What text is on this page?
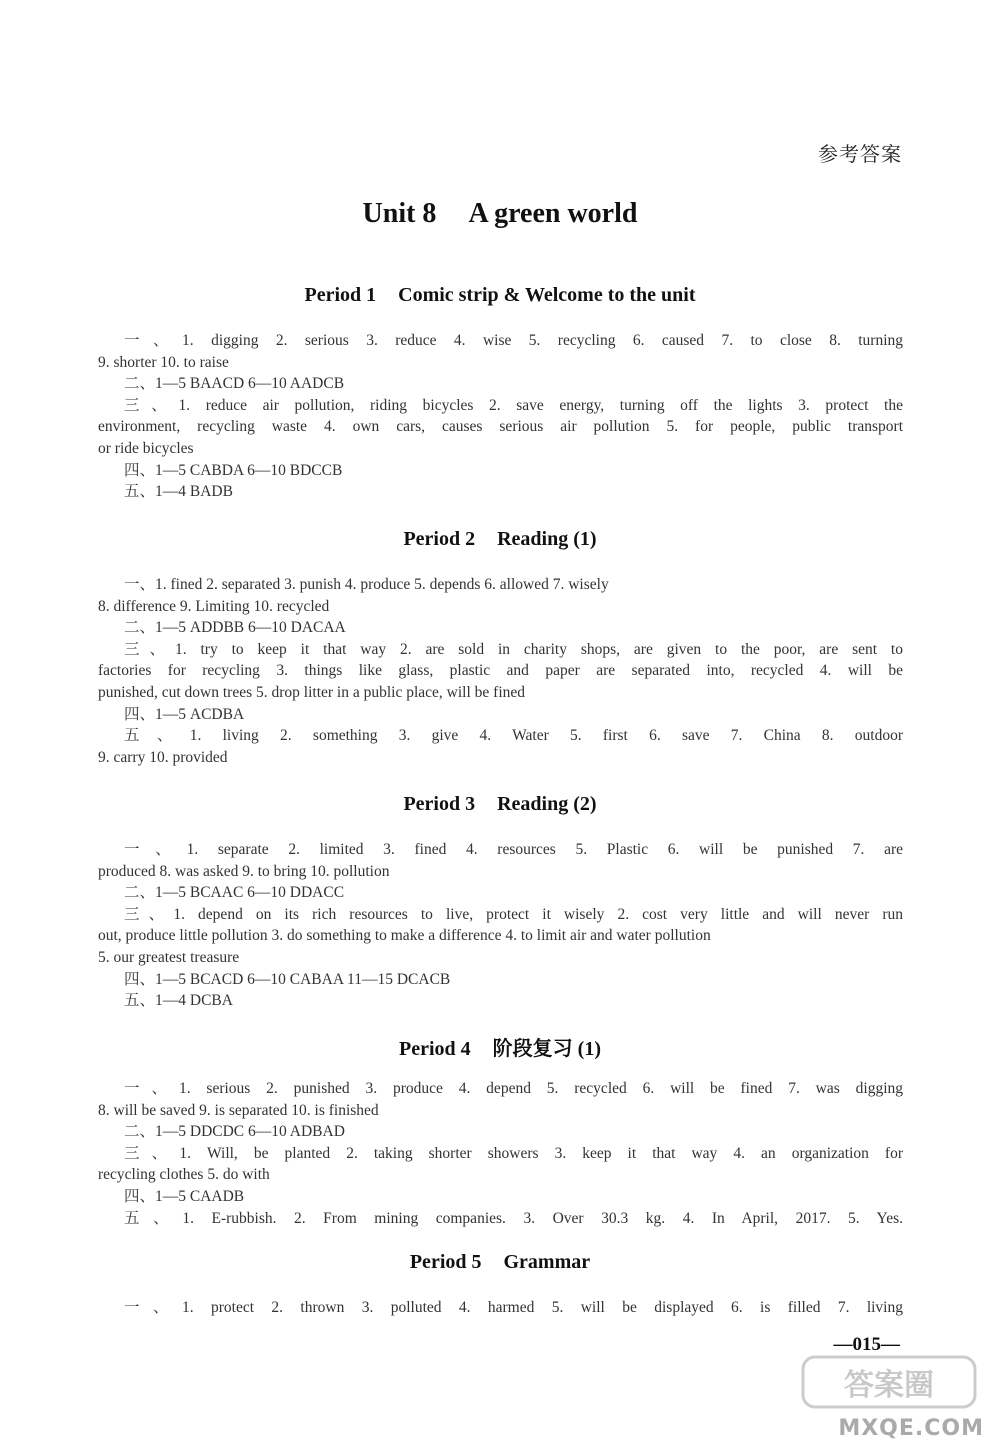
参考答案
Unit 8 A green world
Period 1 Comic strip & Welcome to the unit
一、1. digging 2. serious 3. reduce 4. wise 5. recycling 6. caused 7. to close 8. turning
9. shorter 10. to raise
二、1—5 BAACD 6—10 AADCB
三、1. reduce air pollution, riding bicycles 2. save energy, turning off the lights 3. protect the
environment, recycling waste 4. own cars, causes serious air pollution 5. for people, public transport
or ride bicycles
四、1—5 CABDA 6—10 BDCCB
五、1—4 BADB
Period 2 Reading (1)
一、1. fined 2. separated 3. punish 4. produce 5. depends 6. allowed 7. wisely
8. difference 9. Limiting 10. recycled
二、1—5 ADDBB 6—10 DACAA
三、1. try to keep it that way 2. are sold in charity shops, are given to the poor, are sent to
factories for recycling 3. things like glass, plastic and paper are separated into, recycled 4. will be
punished, cut down trees 5. drop litter in a public place, will be fined
四、1—5 ACDBA
五、1. living 2. something 3. give 4. Water 5. first 6. save 7. China 8. outdoor
9. carry 10. provided
Period 3 Reading (2)
一、1. separate 2. limited 3. fined 4. resources 5. Plastic 6. will be punished 7. are
produced 8. was asked 9. to bring 10. pollution
二、1—5 BCAAC 6—10 DDACC
三、1. depend on its rich resources to live, protect it wisely 2. cost very little and will never run
out, produce little pollution 3. do something to make a difference 4. to limit air and water pollution
5. our greatest treasure
四、1—5 BCACD 6—10 CABAA 11—15 DCACB
五、1—4 DCBA
Period 4 阶段复习 (1)
一、1. serious 2. punished 3. produce 4. depend 5. recycled 6. will be fined 7. was digging
8. will be saved 9. is separated 10. is finished
二、1—5 DDCDC 6—10 ADBAD
三、1. Will, be planted 2. taking shorter showers 3. keep it that way 4. an organization for
recycling clothes 5. do with
四、1—5 CAADB
五、1. E-rubbish. 2. From mining companies. 3. Over 30.3 kg. 4. In April, 2017. 5. Yes.
Period 5 Grammar
一、1. protect 2. thrown 3. polluted 4. harmed 5. will be displayed 6. is filled 7. living
—015—
答案圈
MXQE.COM
